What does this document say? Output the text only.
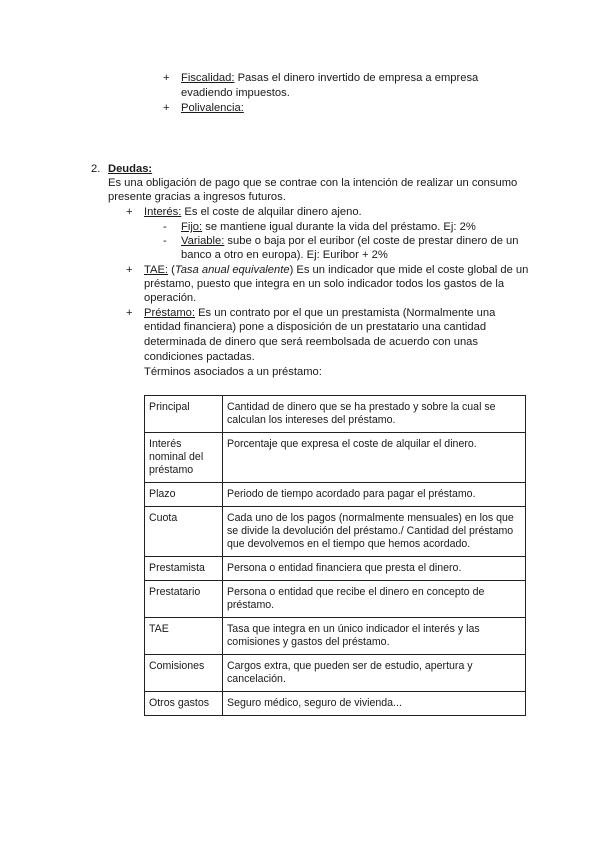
+ Fiscalidad: Pasas el dinero invertido de empresa a empresa
evadiendo impuestos.
+ Polivalencia:
2. Deudas:
Es una obligación de pago que se contrae con la intención de realizar un consumo
presente gracias a ingresos futuros.
+ Interés: Es el coste de alquilar dinero ajeno.
- Fijo: se mantiene igual durante la vida del préstamo. Ej: 2%
- Variable: sube o baja por el euribor (el coste de prestar dinero de un
banco a otro en europa). Ej: Euribor + 2%
+ TAE: (Tasa anual equivalente) Es un indicador que mide el coste global de un
préstamo, puesto que integra en un solo indicador todos los gastos de la
operación.
+ Préstamo: Es un contrato por el que un prestamista (Normalmente una
entidad financiera) pone a disposición de un prestatario una cantidad
determinada de dinero que será reembolsada de acuerdo con unas
condiciones pactadas.
Términos asociados a un préstamo:
Principal	Cantidad de dinero que se ha prestado y sobre la cual se calculan los intereses del préstamo.
Interés nominal del préstamo	Porcentaje que expresa el coste de alquilar el dinero.
Plazo	Periodo de tiempo acordado para pagar el préstamo.
Cuota	Cada uno de los pagos (normalmente mensuales) en los que se divide la devolución del préstamo./ Cantidad del préstamo que devolvemos en el tiempo que hemos acordado.
Prestamista	Persona o entidad financiera que presta el dinero.
Prestatario	Persona o entidad que recibe el dinero en concepto de préstamo.
TAE	Tasa que integra en un único indicador el interés y las comisiones y gastos del préstamo.
Comisiones	Cargos extra, que pueden ser de estudio, apertura y cancelación.
Otros gastos	Seguro médico, seguro de vivienda...
